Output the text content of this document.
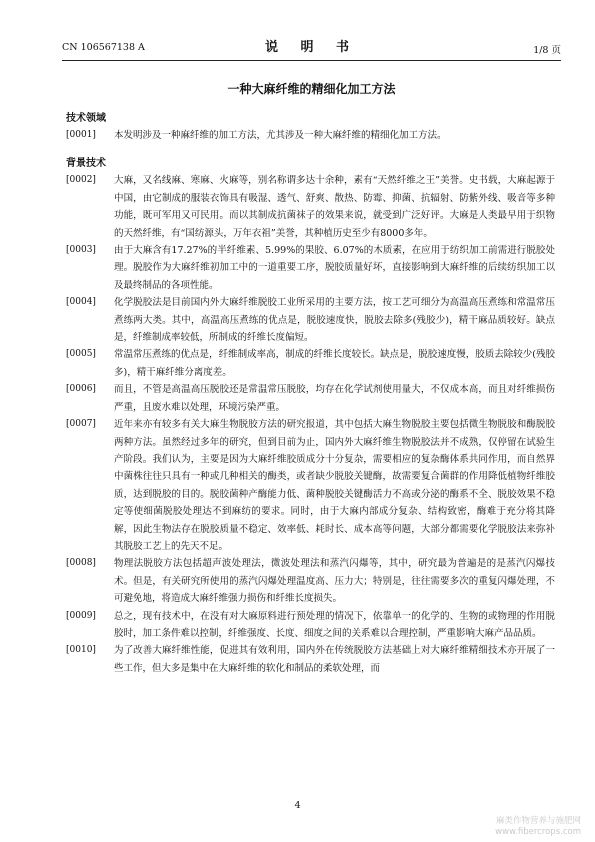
CN 106567138 A	说 明 书	1/8 页
一种大麻纤维的精细化加工方法
技术领域
[0001] 本发明涉及一种麻纤维的加工方法，尤其涉及一种大麻纤维的精细化加工方法。
背景技术
[0002] 大麻，又名线麻、寒麻、火麻等，别名称谓多达十余种，素有“天然纤维之王”美誉。史书载，大麻起源于中国，由它制成的服装衣饰具有吸湿、透气、舒爽、散热、防霉、抑菌、抗辐射、防紫外线、吸音等多种功能，既可军用又可民用。而以其制成抗菌袜子的效果来说，就受到广泛好评。大麻是人类最早用于织物的天然纤维，有“国纺源头，万年衣祖”美誉，其种植历史至少有8000多年。
[0003] 由于大麻含有17.27%的半纤维素、5.99%的果胶、6.07%的木质素，在应用于纺织加工前需进行脱胶处理。脱胶作为大麻纤维初加工中的一道重要工序，脱胶质量好坏，直接影响到大麻纤维的后续纺织加工以及最终制品的各项性能。
[0004] 化学脱胶法是目前国内外大麻纤维脱胶工业所采用的主要方法，按工艺可细分为高温高压煮练和常温常压煮练两大类。其中，高温高压煮练的优点是，脱胶速度快，脱胶去除多(残胶少)，精干麻品质较好。缺点是，纤维制成率较低，所制成的纤维长度偏短。
[0005] 常温常压煮练的优点是，纤维制成率高，制成的纤维长度较长。缺点是，脱胶速度慢，胶质去除较少(残胶多)，精干麻纤维分离度差。
[0006] 而且，不管是高温高压脱胶还是常温常压脱胶，均存在化学试剂使用量大，不仅成本高，而且对纤维损伤严重，且废水难以处理，环境污染严重。
[0007] 近年来亦有较多有关大麻生物脱胶方法的研究报道，其中包括大麻生物脱胶主要包括微生物脱胶和酶脱胶两种方法。虽然经过多年的研究，但到目前为止，国内外大麻纤维生物脱胶法并不成熟，仅停留在试验生产阶段。我们认为，主要是因为大麻纤维胶质成分十分复杂，需要相应的复杂酶体系共同作用，而自然界中菌株往往只具有一种或几种相关的酶类，或者缺少脱胶关键酶，故需要复合菌群的作用降低植物纤维胶质，达到脱胶的目的。脱胶菌种产酶能力低、菌种脱胶关键酶活力不高或分泌的酶系不全、脱胶效果不稳定等使细菌脱胶处理达不到麻纺的要求。同时，由于大麻内部成分复杂、结构致密，酶难于充分将其降解，因此生物法存在脱胶质量不稳定、效率低、耗时长、成本高等问题，大部分都需要化学脱胶法来弥补其脱胶工艺上的先天不足。
[0008] 物理法脱胶方法包括超声波处理法，微波处理法和蒸汽闪爆等，其中，研究最为普遍是的是蒸汽闪爆技术。但是，有关研究所使用的蒸汽闪爆处理温度高、压力大；特别是，往往需要多次的重复闪爆处理，不可避免地，将造成大麻纤维强力损伤和纤维长度损失。
[0009] 总之，现有技术中，在没有对大麻原料进行预处理的情况下，依靠单一的化学的、生物的或物理的作用脱胶时，加工条件难以控制，纤维强度、长度、细度之间的关系难以合理控制，严重影响大麻产品品质。
[0010] 为了改善大麻纤维性能，促进其有效利用，国内外在传统脱胶方法基础上对大麻纤维精细技术亦开展了一些工作，但大多是集中在大麻纤维的软化和制品的柔软处理，而
4
麻类作物营养与施肥网
www.fibercrops.com
